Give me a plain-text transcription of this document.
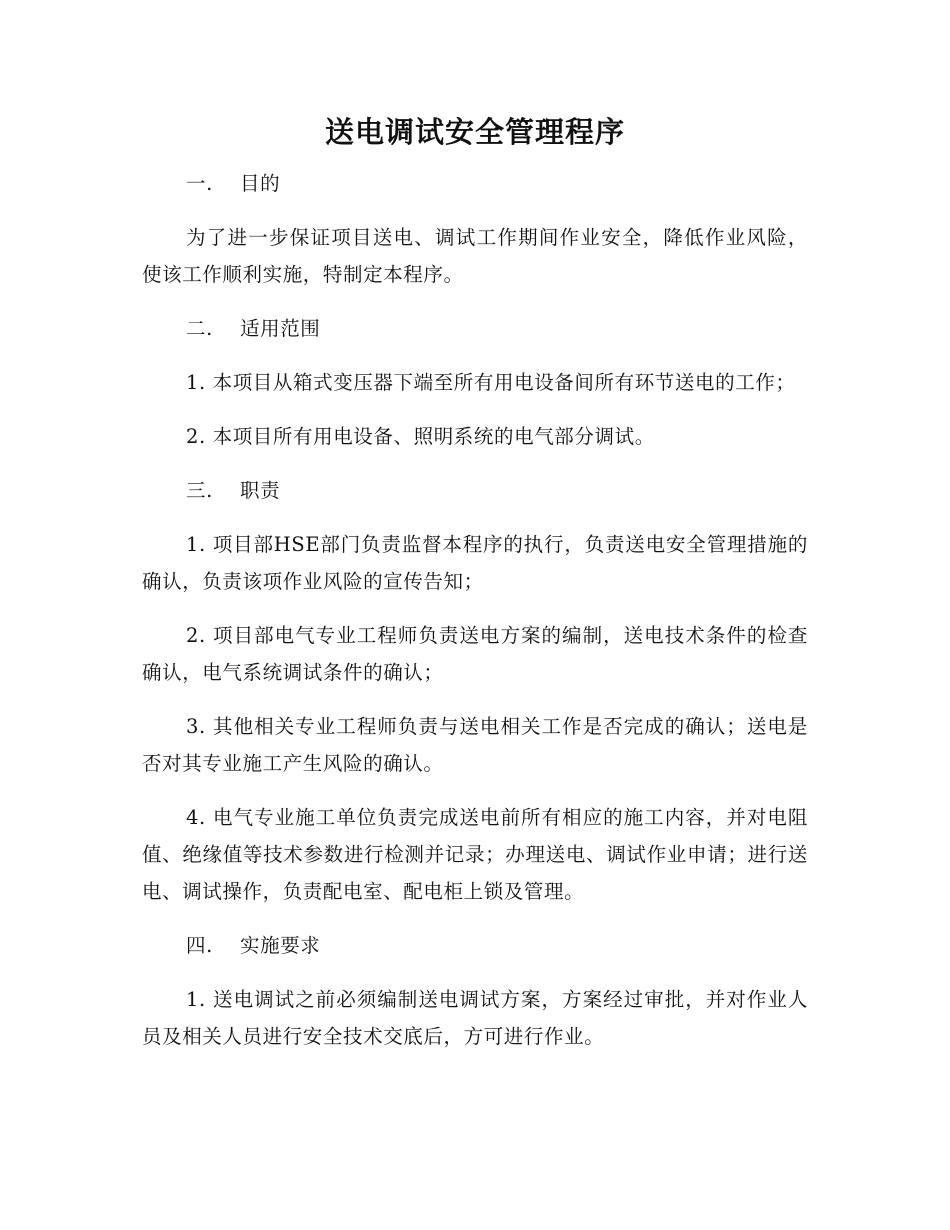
送电调试安全管理程序
一. 目的

为了进一步保证项目送电、调试工作期间作业安全，降低作业风险，使该工作顺利实施，特制定本程序。

二. 适用范围

1. 本项目从箱式变压器下端至所有用电设备间所有环节送电的工作；

2. 本项目所有用电设备、照明系统的电气部分调试。

三. 职责

1. 项目部HSE部门负责监督本程序的执行，负责送电安全管理措施的确认，负责该项作业风险的宣传告知；

2. 项目部电气专业工程师负责送电方案的编制，送电技术条件的检查确认，电气系统调试条件的确认；

3. 其他相关专业工程师负责与送电相关工作是否完成的确认；送电是否对其专业施工产生风险的确认。

4. 电气专业施工单位负责完成送电前所有相应的施工内容，并对电阻值、绝缘值等技术参数进行检测并记录；办理送电、调试作业申请；进行送电、调试操作，负责配电室、配电柜上锁及管理。

四. 实施要求

1. 送电调试之前必须编制送电调试方案，方案经过审批，并对作业人员及相关人员进行安全技术交底后，方可进行作业。
